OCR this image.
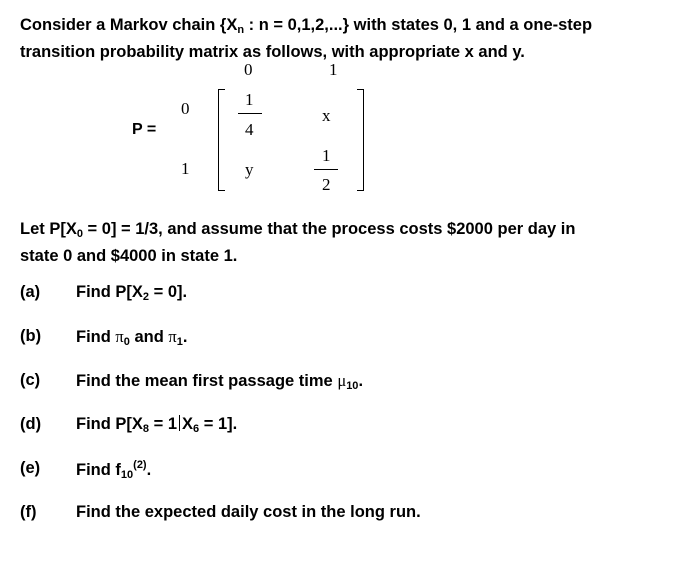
Consider a Markov chain {$X_n$ : n = 0,1,2,...} with states 0, 1 and a one-step
transition probability matrix as follows, with appropriate x and y.

0	1
P =
0
1
1
4
x
y
1
2

Let $P[X_0 = 0] = 1/3$, and assume that the process costs $2000 per day in
state 0 and $4000 in state 1.

(a) Find $P[X_2 = 0]$.
(b) Find $\pi_0$ and $\pi_1$.
(c) Find the mean first passage time $\mu_{10}$.
(d) Find $P[X_8 = 1$ $X_6 = 1$].
(e) Find $f_{10}^{(2)}$.
(f) Find the expected daily cost in the long run.
